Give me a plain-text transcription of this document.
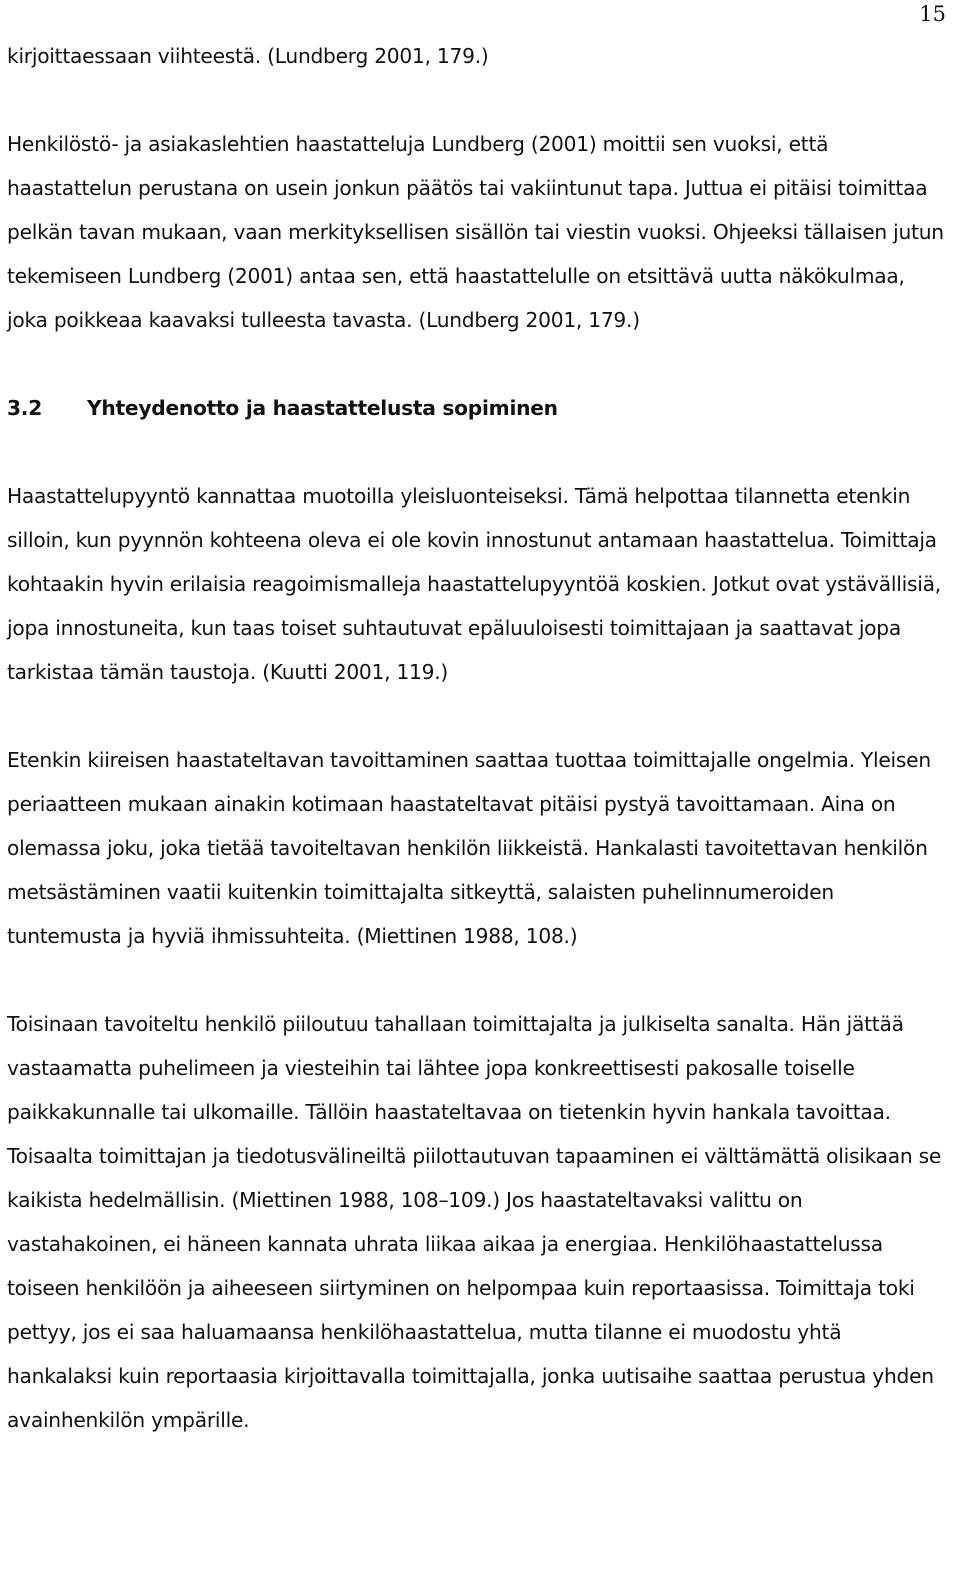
15

kirjoittaessaan viihteestä. (Lundberg 2001, 179.)

Henkilöstö- ja asiakaslehtien haastatteluja Lundberg (2001) moittii sen vuoksi, että haastattelun perustana on usein jonkun päätös tai vakiintunut tapa. Juttua ei pitäisi toimittaa pelkän tavan mukaan, vaan merkityksellisen sisällön tai viestin vuoksi. Ohjeeksi tällaisen jutun tekemiseen Lundberg (2001) antaa sen, että haastattelulle on etsittävä uutta näkökulmaa, joka poikkeaa kaavaksi tulleesta tavasta. (Lundberg 2001, 179.)

3.2	Yhteydenotto ja haastattelusta sopiminen

Haastattelupyyntö kannattaa muotoilla yleisluonteiseksi. Tämä helpottaa tilannetta etenkin silloin, kun pyynnön kohteena oleva ei ole kovin innostunut antamaan haastattelua. Toimittaja kohtaakin hyvin erilaisia reagoimismalleja haastattelupyyntöä koskien. Jotkut ovat ystävällisiä, jopa innostuneita, kun taas toiset suhtautuvat epäluuloisesti toimittajaan ja saattavat jopa tarkistaa tämän taustoja. (Kuutti 2001, 119.)

Etenkin kiireisen haastateltavan tavoittaminen saattaa tuottaa toimittajalle ongelmia. Yleisen periaatteen mukaan ainakin kotimaan haastateltavat pitäisi pystyä tavoittamaan. Aina on olemassa joku, joka tietää tavoiteltavan henkilön liikkeistä. Hankalasti tavoitettavan henkilön metsästäminen vaatii kuitenkin toimittajalta sitkeyttä, salaisten puhelinnumeroiden tuntemusta ja hyviä ihmissuhteita. (Miettinen 1988, 108.)

Toisinaan tavoiteltu henkilö piiloutuu tahallaan toimittajalta ja julkiselta sanalta. Hän jättää vastaamatta puhelimeen ja viesteihin tai lähtee jopa konkreettisesti pakosalle toiselle paikkakunnalle tai ulkomaille. Tällöin haastateltavaa on tietenkin hyvin hankala tavoittaa. Toisaalta toimittajan ja tiedotusvälineiltä piilottautuvan tapaaminen ei välttämättä olisikaan se kaikista hedelmällisin. (Miettinen 1988, 108–109.) Jos haastateltavaksi valittu on vastahakoinen, ei häneen kannata uhrata liikaa aikaa ja energiaa. Henkilöhaastattelussa toiseen henkilöön ja aiheeseen siirtyminen on helpompaa kuin reportaasissa. Toimittaja toki pettyy, jos ei saa haluamaansa henkilöhaastattelua, mutta tilanne ei muodostu yhtä hankalaksi kuin reportaasia kirjoittavalla toimittajalla, jonka uutisaihe saattaa perustua yhden avainhenkilön ympärille.
